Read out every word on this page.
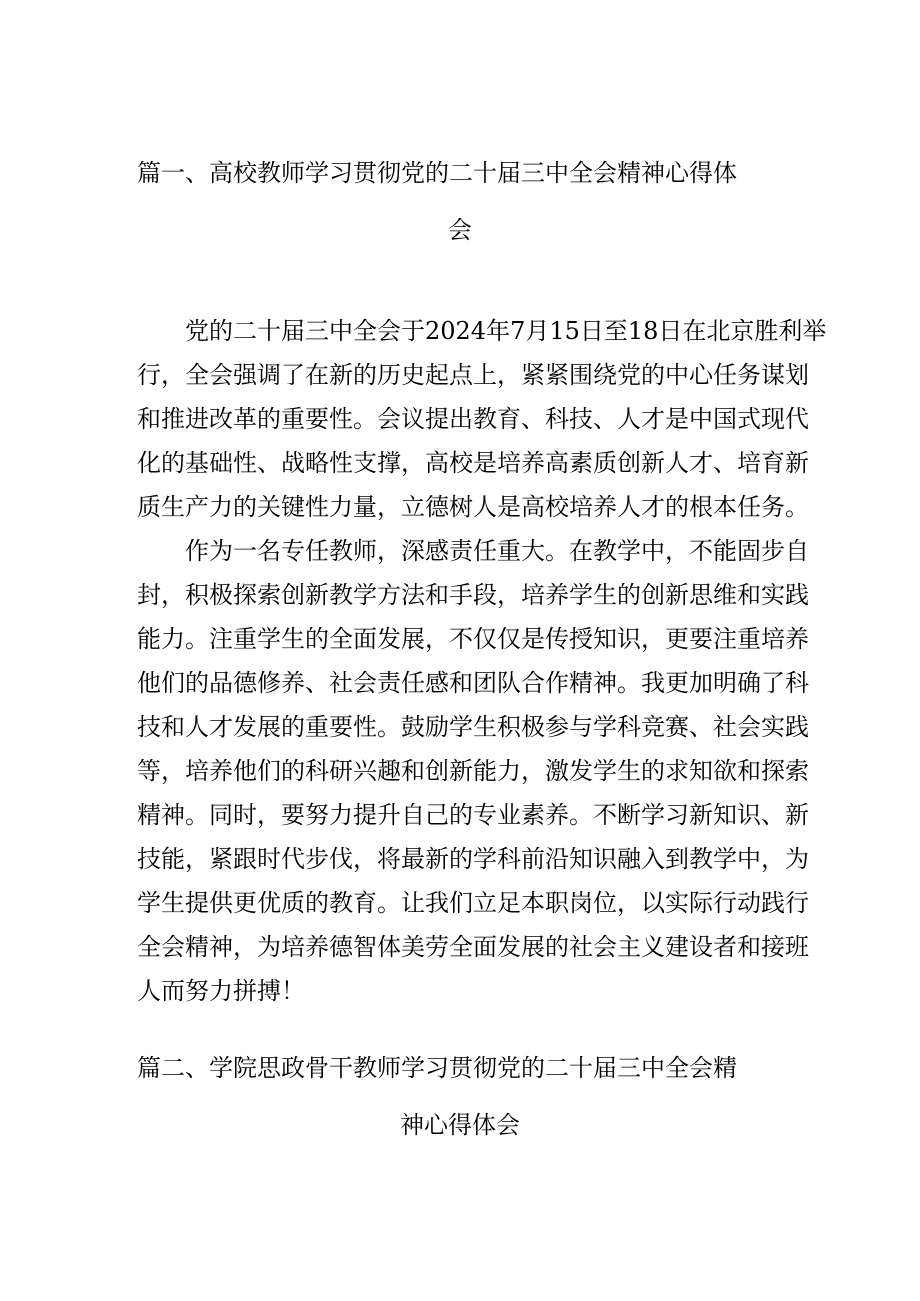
篇一、高校教师学习贯彻党的二十届三中全会精神心得体
会
党的二十届三中全会于2024年7月15日至18日在北京胜利举
行，全会强调了在新的历史起点上，紧紧围绕党的中心任务谋划
和推进改革的重要性。会议提出教育、科技、人才是中国式现代
化的基础性、战略性支撑，高校是培养高素质创新人才、培育新
质生产力的关键性力量，立德树人是高校培养人才的根本任务。
作为一名专任教师，深感责任重大。在教学中，不能固步自
封，积极探索创新教学方法和手段，培养学生的创新思维和实践
能力。注重学生的全面发展，不仅仅是传授知识，更要注重培养
他们的品德修养、社会责任感和团队合作精神。我更加明确了科
技和人才发展的重要性。鼓励学生积极参与学科竞赛、社会实践
等，培养他们的科研兴趣和创新能力，激发学生的求知欲和探索
精神。同时，要努力提升自己的专业素养。不断学习新知识、新
技能，紧跟时代步伐，将最新的学科前沿知识融入到教学中，为
学生提供更优质的教育。让我们立足本职岗位，以实际行动践行
全会精神，为培养德智体美劳全面发展的社会主义建设者和接班
人而努力拼搏！
篇二、学院思政骨干教师学习贯彻党的二十届三中全会精
神心得体会
